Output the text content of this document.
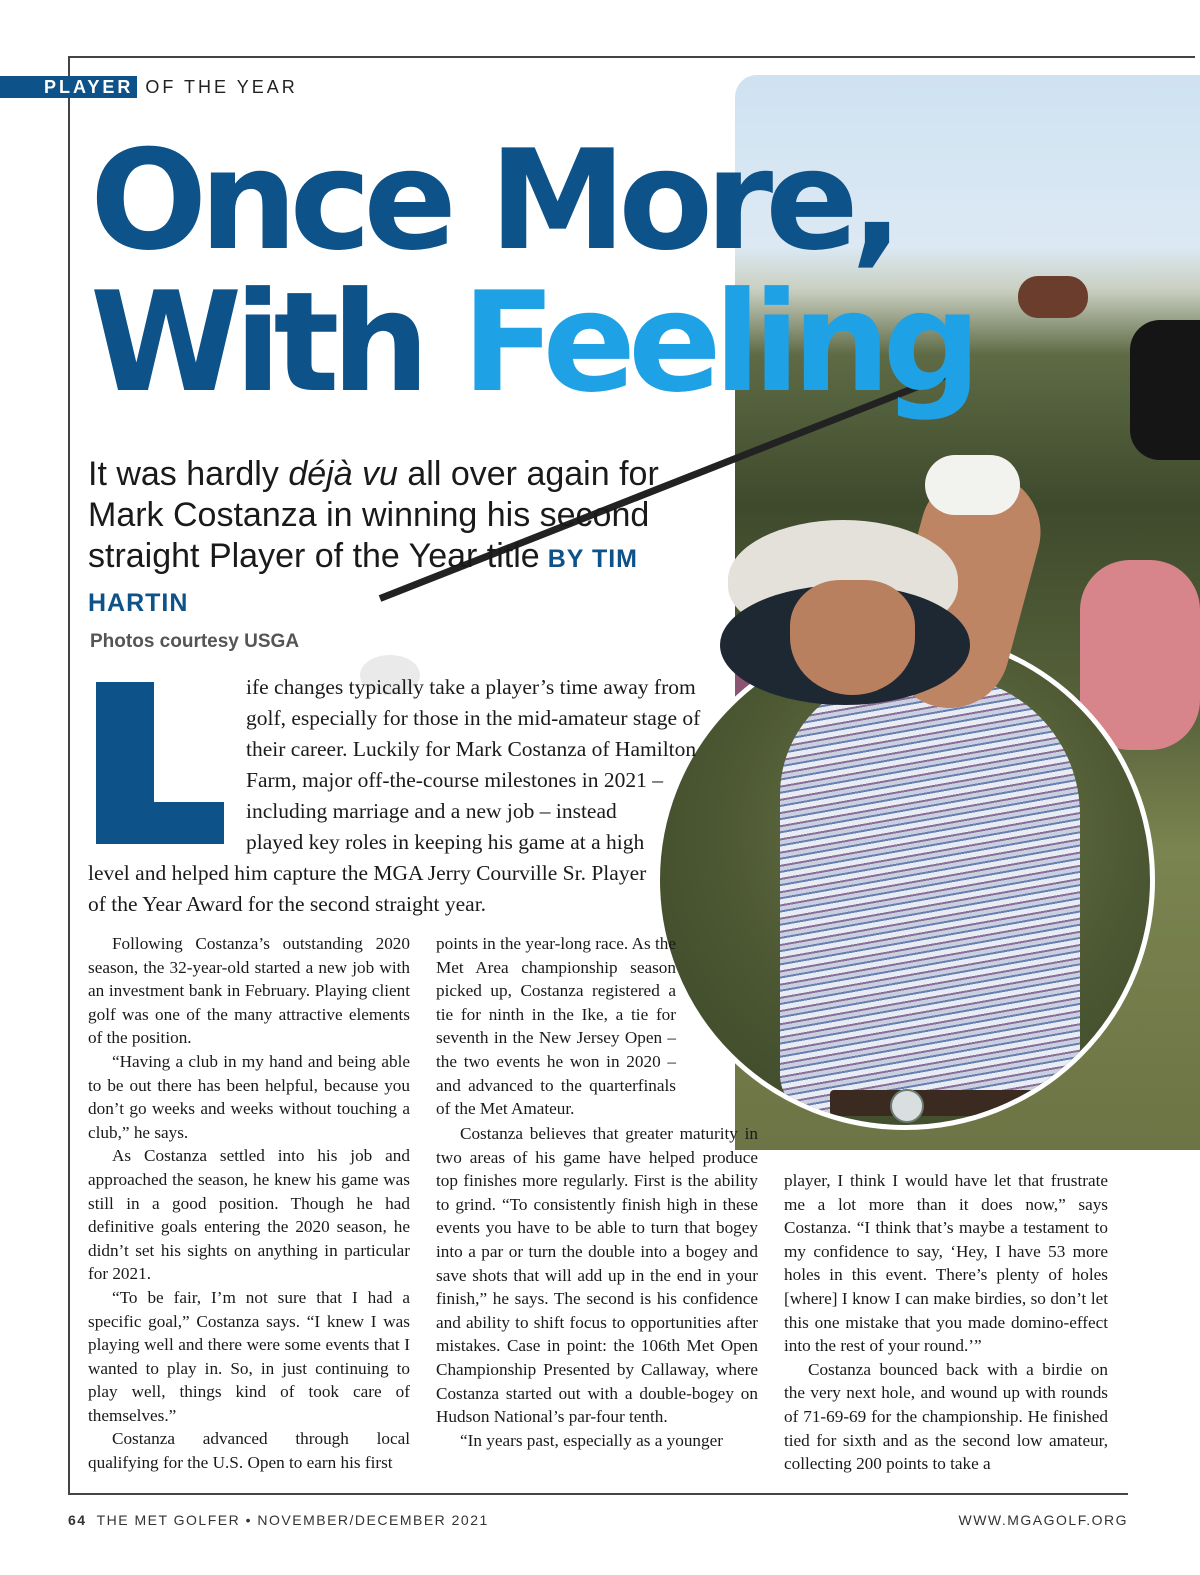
PLAYER OF THE YEAR
Once More,
With Feeling

It was hardly déjà vu all over again for Mark Costanza in winning his second straight Player of the Year title BY TIM HARTIN

Photos courtesy USGA
ife changes typically take a player’s time away from
golf, especially for those in the mid-amateur stage of
their career. Luckily for Mark Costanza of Hamilton
Farm, major off-the-course milestones in 2021 –
including marriage and a new job – instead
played key roles in keeping his game at a high
level and helped him capture the MGA Jerry Courville Sr. Player
of the Year Award for the second straight year.

Following Costanza’s outstanding 2020 season, the 32-year-old started a new job with an investment bank in February. Playing client golf was one of the many attractive elements of the position.

“Having a club in my hand and being able to be out there has been helpful, because you don’t go weeks and weeks without touching a club,” he says.

As Costanza settled into his job and approached the season, he knew his game was still in a good position. Though he had definitive goals entering the 2020 season, he didn’t set his sights on anything in particular for 2021.

“To be fair, I’m not sure that I had a specific goal,” Costanza says. “I knew I was playing well and there were some events that I wanted to play in. So, in just continuing to play well, things kind of took care of themselves.”

Costanza advanced through local qualifying for the U.S. Open to earn his first

points in the year-long race. As the Met Area championship season picked up, Costanza registered a tie for ninth in the Ike, a tie for seventh in the New Jersey Open – the two events he won in 2020 – and advanced to the quarterfinals of the Met Amateur.

Costanza believes that greater maturity in two areas of his game have helped produce top finishes more regularly. First is the ability to grind. “To consistently finish high in these events you have to be able to turn that bogey into a par or turn the double into a bogey and save shots that will add up in the end in your finish,” he says. The second is his confidence and ability to shift focus to opportunities after mistakes. Case in point: the 106th Met Open Championship Presented by Callaway, where Costanza started out with a double-bogey on Hudson National’s par-four tenth.

“In years past, especially as a younger

player, I think I would have let that frustrate me a lot more than it does now,” says Costanza. “I think that’s maybe a testament to my confidence to say, ‘Hey, I have 53 more holes in this event. There’s plenty of holes [where] I know I can make birdies, so don’t let this one mistake that you made domino-effect into the rest of your round.’”

Costanza bounced back with a birdie on the very next hole, and wound up with rounds of 71-69-69 for the championship. He finished tied for sixth and as the second low amateur, collecting 200 points to take a

64 THE MET GOLFER • NOVEMBER/DECEMBER 2021	WWW.MGAGOLF.ORG
